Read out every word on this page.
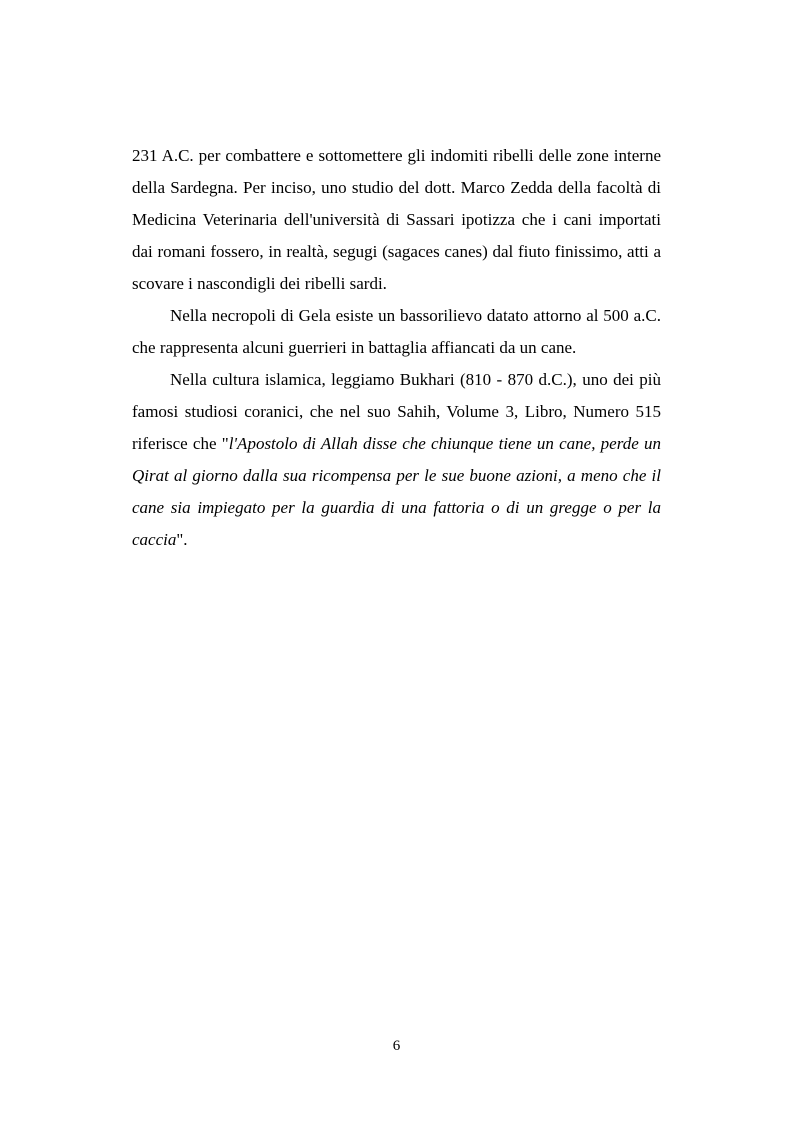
231 A.C. per combattere e sottomettere gli indomiti ribelli delle zone interne della Sardegna. Per inciso, uno studio del dott. Marco Zedda della facoltà di Medicina Veterinaria dell'università di Sassari ipotizza che i cani importati dai romani fossero, in realtà, segugi (sagaces canes) dal fiuto finissimo, atti a scovare i nascondigli dei ribelli sardi.

Nella necropoli di Gela esiste un bassorilievo datato attorno al 500 a.C. che rappresenta alcuni guerrieri in battaglia affiancati da un cane.

Nella cultura islamica, leggiamo Bukhari (810 - 870 d.C.), uno dei più famosi studiosi coranici, che nel suo Sahih, Volume 3, Libro, Numero 515 riferisce che "l'Apostolo di Allah disse che chiunque tiene un cane, perde un Qirat al giorno dalla sua ricompensa per le sue buone azioni, a meno che il cane sia impiegato per la guardia di una fattoria o di un gregge o per la caccia".

6
